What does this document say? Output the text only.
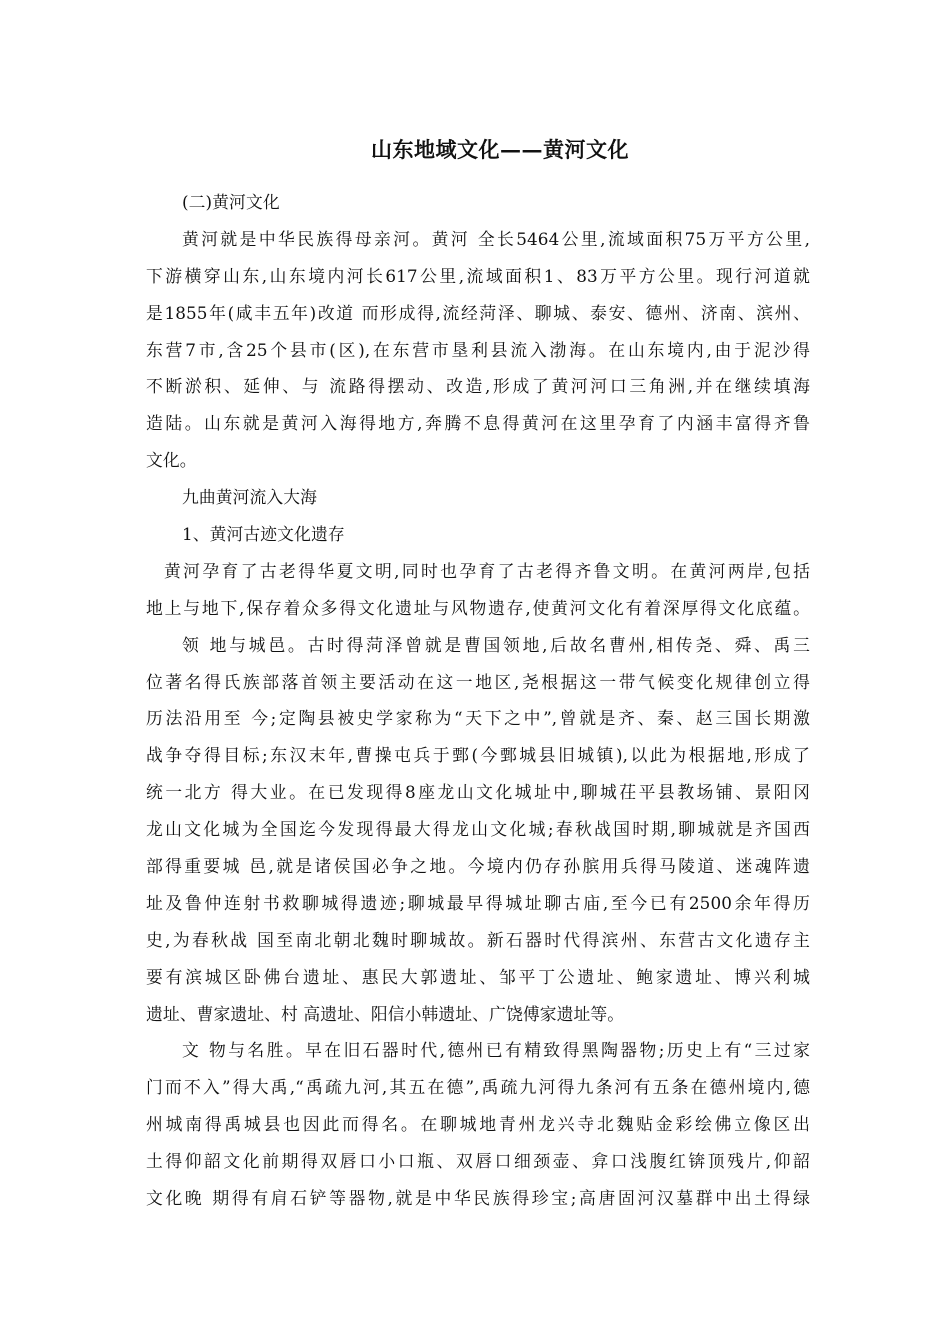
山东地域文化——黄河文化
(二)黄河文化
黄河就是中华民族得母亲河。黄河 全长5464公里,流域面积75万平方公里,
下游横穿山东,山东境内河长617公里,流域面积1、83万平方公里。现行河道就
是1855年(咸丰五年)改道 而形成得,流经菏泽、聊城、泰安、德州、济南、滨州、
东营7市,含25个县市(区),在东营市垦利县流入渤海。在山东境内,由于泥沙得
不断淤积、延伸、与 流路得摆动、改造,形成了黄河河口三角洲,并在继续填海
造陆。山东就是黄河入海得地方,奔腾不息得黄河在这里孕育了内涵丰富得齐鲁
文化。
九曲黄河流入大海
1、黄河古迹文化遗存
黄河孕育了古老得华夏文明,同时也孕育了古老得齐鲁文明。在黄河两岸,包括
地上与地下,保存着众多得文化遗址与风物遗存,使黄河文化有着深厚得文化底蕴。
领 地与城邑。古时得菏泽曾就是曹国领地,后故名曹州,相传尧、舜、禹三
位著名得氏族部落首领主要活动在这一地区,尧根据这一带气候变化规律创立得
历法沿用至 今;定陶县被史学家称为“天下之中”,曾就是齐、秦、赵三国长期激
战争夺得目标;东汉末年,曹操屯兵于鄄(今鄄城县旧城镇),以此为根据地,形成了
统一北方 得大业。在已发现得8座龙山文化城址中,聊城茌平县教场铺、景阳冈
龙山文化城为全国迄今发现得最大得龙山文化城;春秋战国时期,聊城就是齐国西
部得重要城 邑,就是诸侯国必争之地。今境内仍存孙膑用兵得马陵道、迷魂阵遗
址及鲁仲连射书救聊城得遗迹;聊城最早得城址聊古庙,至今已有2500余年得历
史,为春秋战 国至南北朝北魏时聊城故。新石器时代得滨州、东营古文化遗存主
要有滨城区卧佛台遗址、惠民大郭遗址、邹平丁公遗址、鲍家遗址、博兴利城
遗址、曹家遗址、村 高遗址、阳信小韩遗址、广饶傅家遗址等。
文 物与名胜。早在旧石器时代,德州已有精致得黑陶器物;历史上有“三过家
门而不入”得大禹,“禹疏九河,其五在德”,禹疏九河得九条河有五条在德州境内,德
州城南得禹城县也因此而得名。在聊城地青州龙兴寺北魏贴金彩绘佛立像区出
土得仰韶文化前期得双唇口小口瓶、双唇口细颈壶、弇口浅腹红锛顶残片,仰韶
文化晚 期得有肩石铲等器物,就是中华民族得珍宝;高唐固河汉墓群中出土得绿
